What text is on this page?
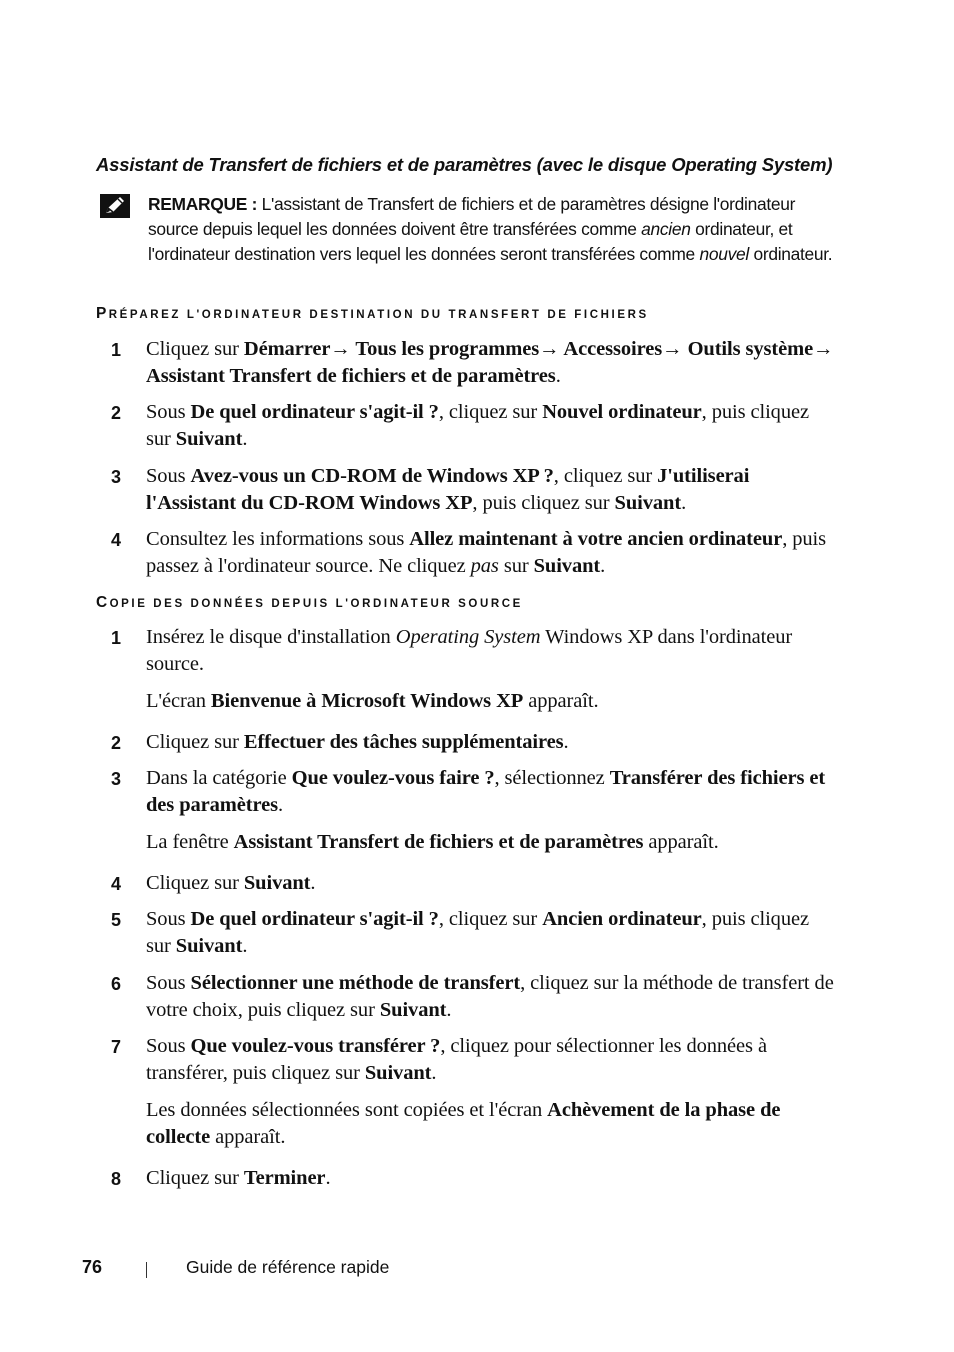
Assistant de Transfert de fichiers et de paramètres (avec le disque Operating System)
REMARQUE : L'assistant de Transfert de fichiers et de paramètres désigne l'ordinateur source depuis lequel les données doivent être transférées comme ancien ordinateur, et l'ordinateur destination vers lequel les données seront transférées comme nouvel ordinateur.
PRÉPAREZ L'ORDINATEUR DESTINATION DU TRANSFERT DE FICHIERS
1 Cliquez sur Démarrer→ Tous les programmes→ Accessoires→ Outils système→ Assistant Transfert de fichiers et de paramètres.
2 Sous De quel ordinateur s'agit-il ?, cliquez sur Nouvel ordinateur, puis cliquez sur Suivant.
3 Sous Avez-vous un CD-ROM de Windows XP ?, cliquez sur J'utiliserai l'Assistant du CD-ROM Windows XP, puis cliquez sur Suivant.
4 Consultez les informations sous Allez maintenant à votre ancien ordinateur, puis passez à l'ordinateur source. Ne cliquez pas sur Suivant.
COPIE DES DONNÉES DEPUIS L'ORDINATEUR SOURCE
1 Insérez le disque d'installation Operating System Windows XP dans l'ordinateur source.
L'écran Bienvenue à Microsoft Windows XP apparaît.
2 Cliquez sur Effectuer des tâches supplémentaires.
3 Dans la catégorie Que voulez-vous faire ?, sélectionnez Transférer des fichiers et des paramètres.
La fenêtre Assistant Transfert de fichiers et de paramètres apparaît.
4 Cliquez sur Suivant.
5 Sous De quel ordinateur s'agit-il ?, cliquez sur Ancien ordinateur, puis cliquez sur Suivant.
6 Sous Sélectionner une méthode de transfert, cliquez sur la méthode de transfert de votre choix, puis cliquez sur Suivant.
7 Sous Que voulez-vous transférer ?, cliquez pour sélectionner les données à transférer, puis cliquez sur Suivant.
Les données sélectionnées sont copiées et l'écran Achèvement de la phase de collecte apparaît.
8 Cliquez sur Terminer.
76	Guide de référence rapide
